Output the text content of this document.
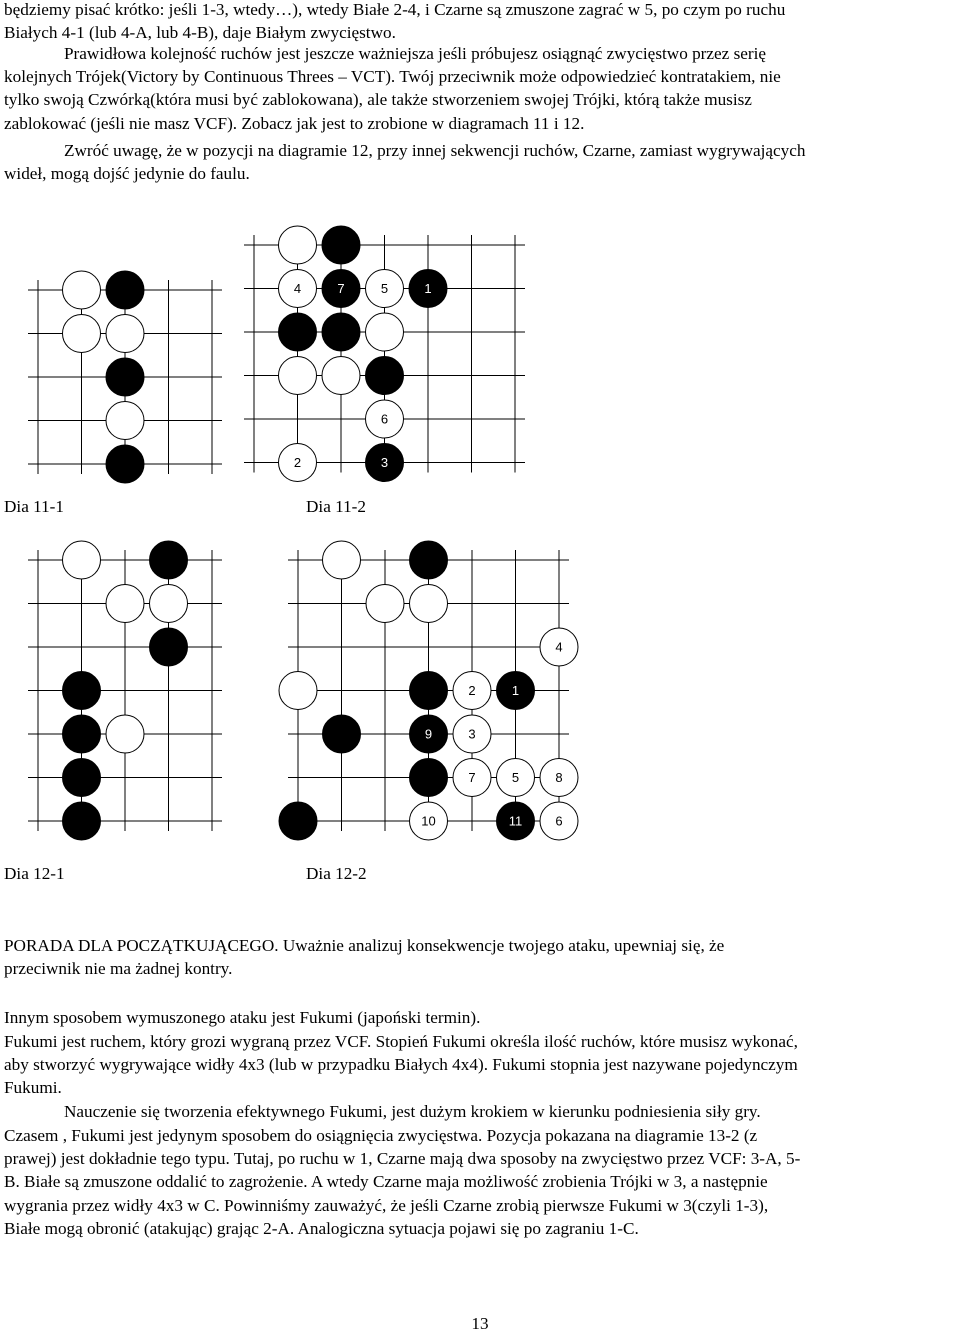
będziemy pisać krótko: jeśli 1-3, wtedy…), wtedy Białe 2-4, i Czarne są zmuszone zagrać w 5, po czym po ruchu
Białych 4-1 (lub 4-A, lub 4-B), daje Białym zwycięstwo.
Prawidłowa kolejność ruchów jest jeszcze ważniejsza jeśli próbujesz osiągnąć zwycięstwo przez serię
kolejnych Trójek(Victory by Continuous Threes – VCT). Twój przeciwnik może odpowiedzieć kontratakiem, nie
tylko swoją Czwórką(która musi być zablokowana), ale także stworzeniem swojej Trójki, którą także musisz
zablokować (jeśli nie masz VCF). Zobacz jak jest to zrobione w diagramach 11 i 12.
Zwróć uwagę, że w pozycji na diagramie 12, przy innej sekwencji ruchów, Czarne, zamiast wygrywających
wideł, mogą dojść jedynie do faulu.
4	7	5	1
6
2	3
4
2	1
9	3
7	5	8
10	11	6
Dia 11-1	Dia 11-2
Dia 12-1	Dia 12-2
PORADA DLA POCZĄTKUJĄCEGO. Uważnie analizuj konsekwencje twojego ataku, upewniaj się, że
przeciwnik nie ma żadnej kontry.
Innym sposobem wymuszonego ataku jest Fukumi (japoński termin).
Fukumi jest ruchem, który grozi wygraną przez VCF. Stopień Fukumi określa ilość ruchów, które musisz wykonać,
aby stworzyć wygrywające widły 4x3 (lub w przypadku Białych 4x4). Fukumi stopnia jest nazywane pojedynczym
Fukumi.
Nauczenie się tworzenia efektywnego Fukumi, jest dużym krokiem w kierunku podniesienia siły gry.
Czasem , Fukumi jest jedynym sposobem do osiągnięcia zwycięstwa. Pozycja pokazana na diagramie 13-2 (z
prawej) jest dokładnie tego typu. Tutaj, po ruchu w 1, Czarne mają dwa sposoby na zwycięstwo przez VCF: 3-A, 5-
B. Białe są zmuszone oddalić to zagrożenie. A wtedy Czarne maja możliwość zrobienia Trójki w 3, a następnie
wygrania przez widły 4x3 w C. Powinniśmy zauważyć, że jeśli Czarne zrobią pierwsze Fukumi w 3(czyli 1-3),
Białe mogą obronić (atakując) grając 2-A. Analogiczna sytuacja pojawi się po zagraniu 1-C.
13
